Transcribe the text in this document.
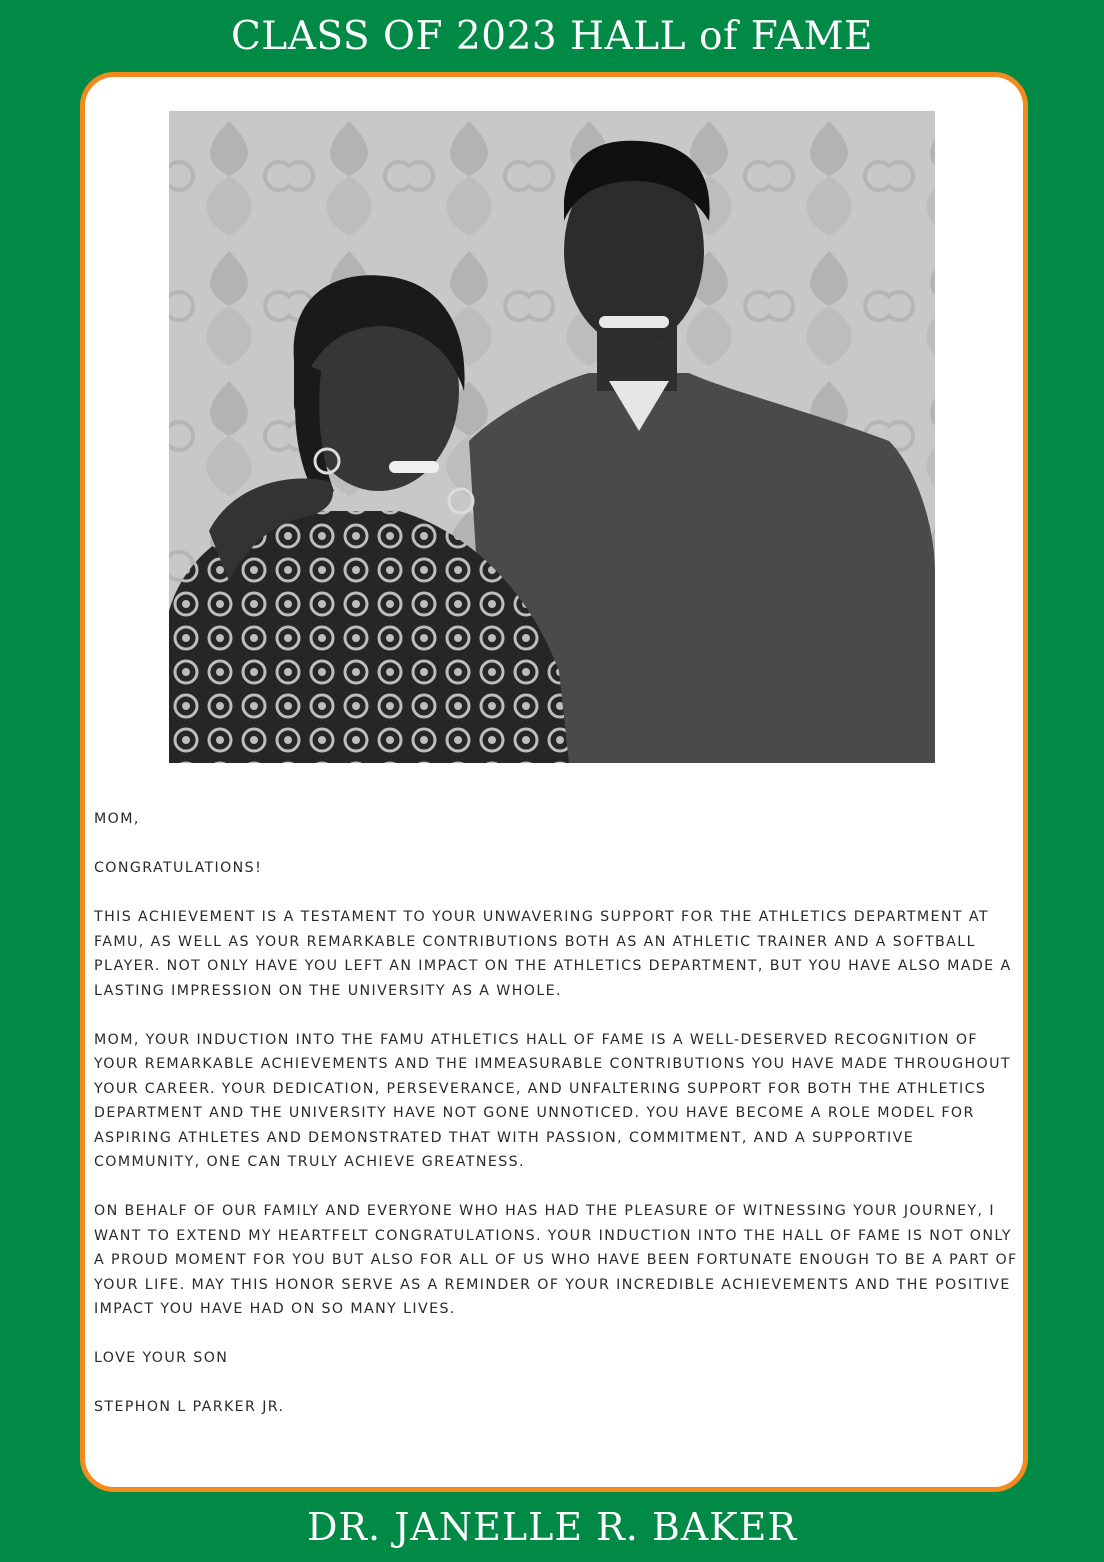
CLASS OF 2023 HALL of FAME

MOM,

CONGRATULATIONS!

THIS ACHIEVEMENT IS A TESTAMENT TO YOUR UNWAVERING SUPPORT FOR THE ATHLETICS DEPARTMENT AT FAMU, AS WELL AS YOUR REMARKABLE CONTRIBUTIONS BOTH AS AN ATHLETIC TRAINER AND A SOFTBALL PLAYER. NOT ONLY HAVE YOU LEFT AN IMPACT ON THE ATHLETICS DEPARTMENT, BUT YOU HAVE ALSO MADE A LASTING IMPRESSION ON THE UNIVERSITY AS A WHOLE.

MOM, YOUR INDUCTION INTO THE FAMU ATHLETICS HALL OF FAME IS A WELL-DESERVED RECOGNITION OF YOUR REMARKABLE ACHIEVEMENTS AND THE IMMEASURABLE CONTRIBUTIONS YOU HAVE MADE THROUGHOUT YOUR CAREER. YOUR DEDICATION, PERSEVERANCE, AND UNFALTERING SUPPORT FOR BOTH THE ATHLETICS DEPARTMENT AND THE UNIVERSITY HAVE NOT GONE UNNOTICED. YOU HAVE BECOME A ROLE MODEL FOR ASPIRING ATHLETES AND DEMONSTRATED THAT WITH PASSION, COMMITMENT, AND A SUPPORTIVE COMMUNITY, ONE CAN TRULY ACHIEVE GREATNESS.

ON BEHALF OF OUR FAMILY AND EVERYONE WHO HAS HAD THE PLEASURE OF WITNESSING YOUR JOURNEY, I WANT TO EXTEND MY HEARTFELT CONGRATULATIONS. YOUR INDUCTION INTO THE HALL OF FAME IS NOT ONLY A PROUD MOMENT FOR YOU BUT ALSO FOR ALL OF US WHO HAVE BEEN FORTUNATE ENOUGH TO BE A PART OF YOUR LIFE. MAY THIS HONOR SERVE AS A REMINDER OF YOUR INCREDIBLE ACHIEVEMENTS AND THE POSITIVE IMPACT YOU HAVE HAD ON SO MANY LIVES.

LOVE YOUR SON

STEPHON L PARKER JR.

DR. JANELLE R. BAKER
